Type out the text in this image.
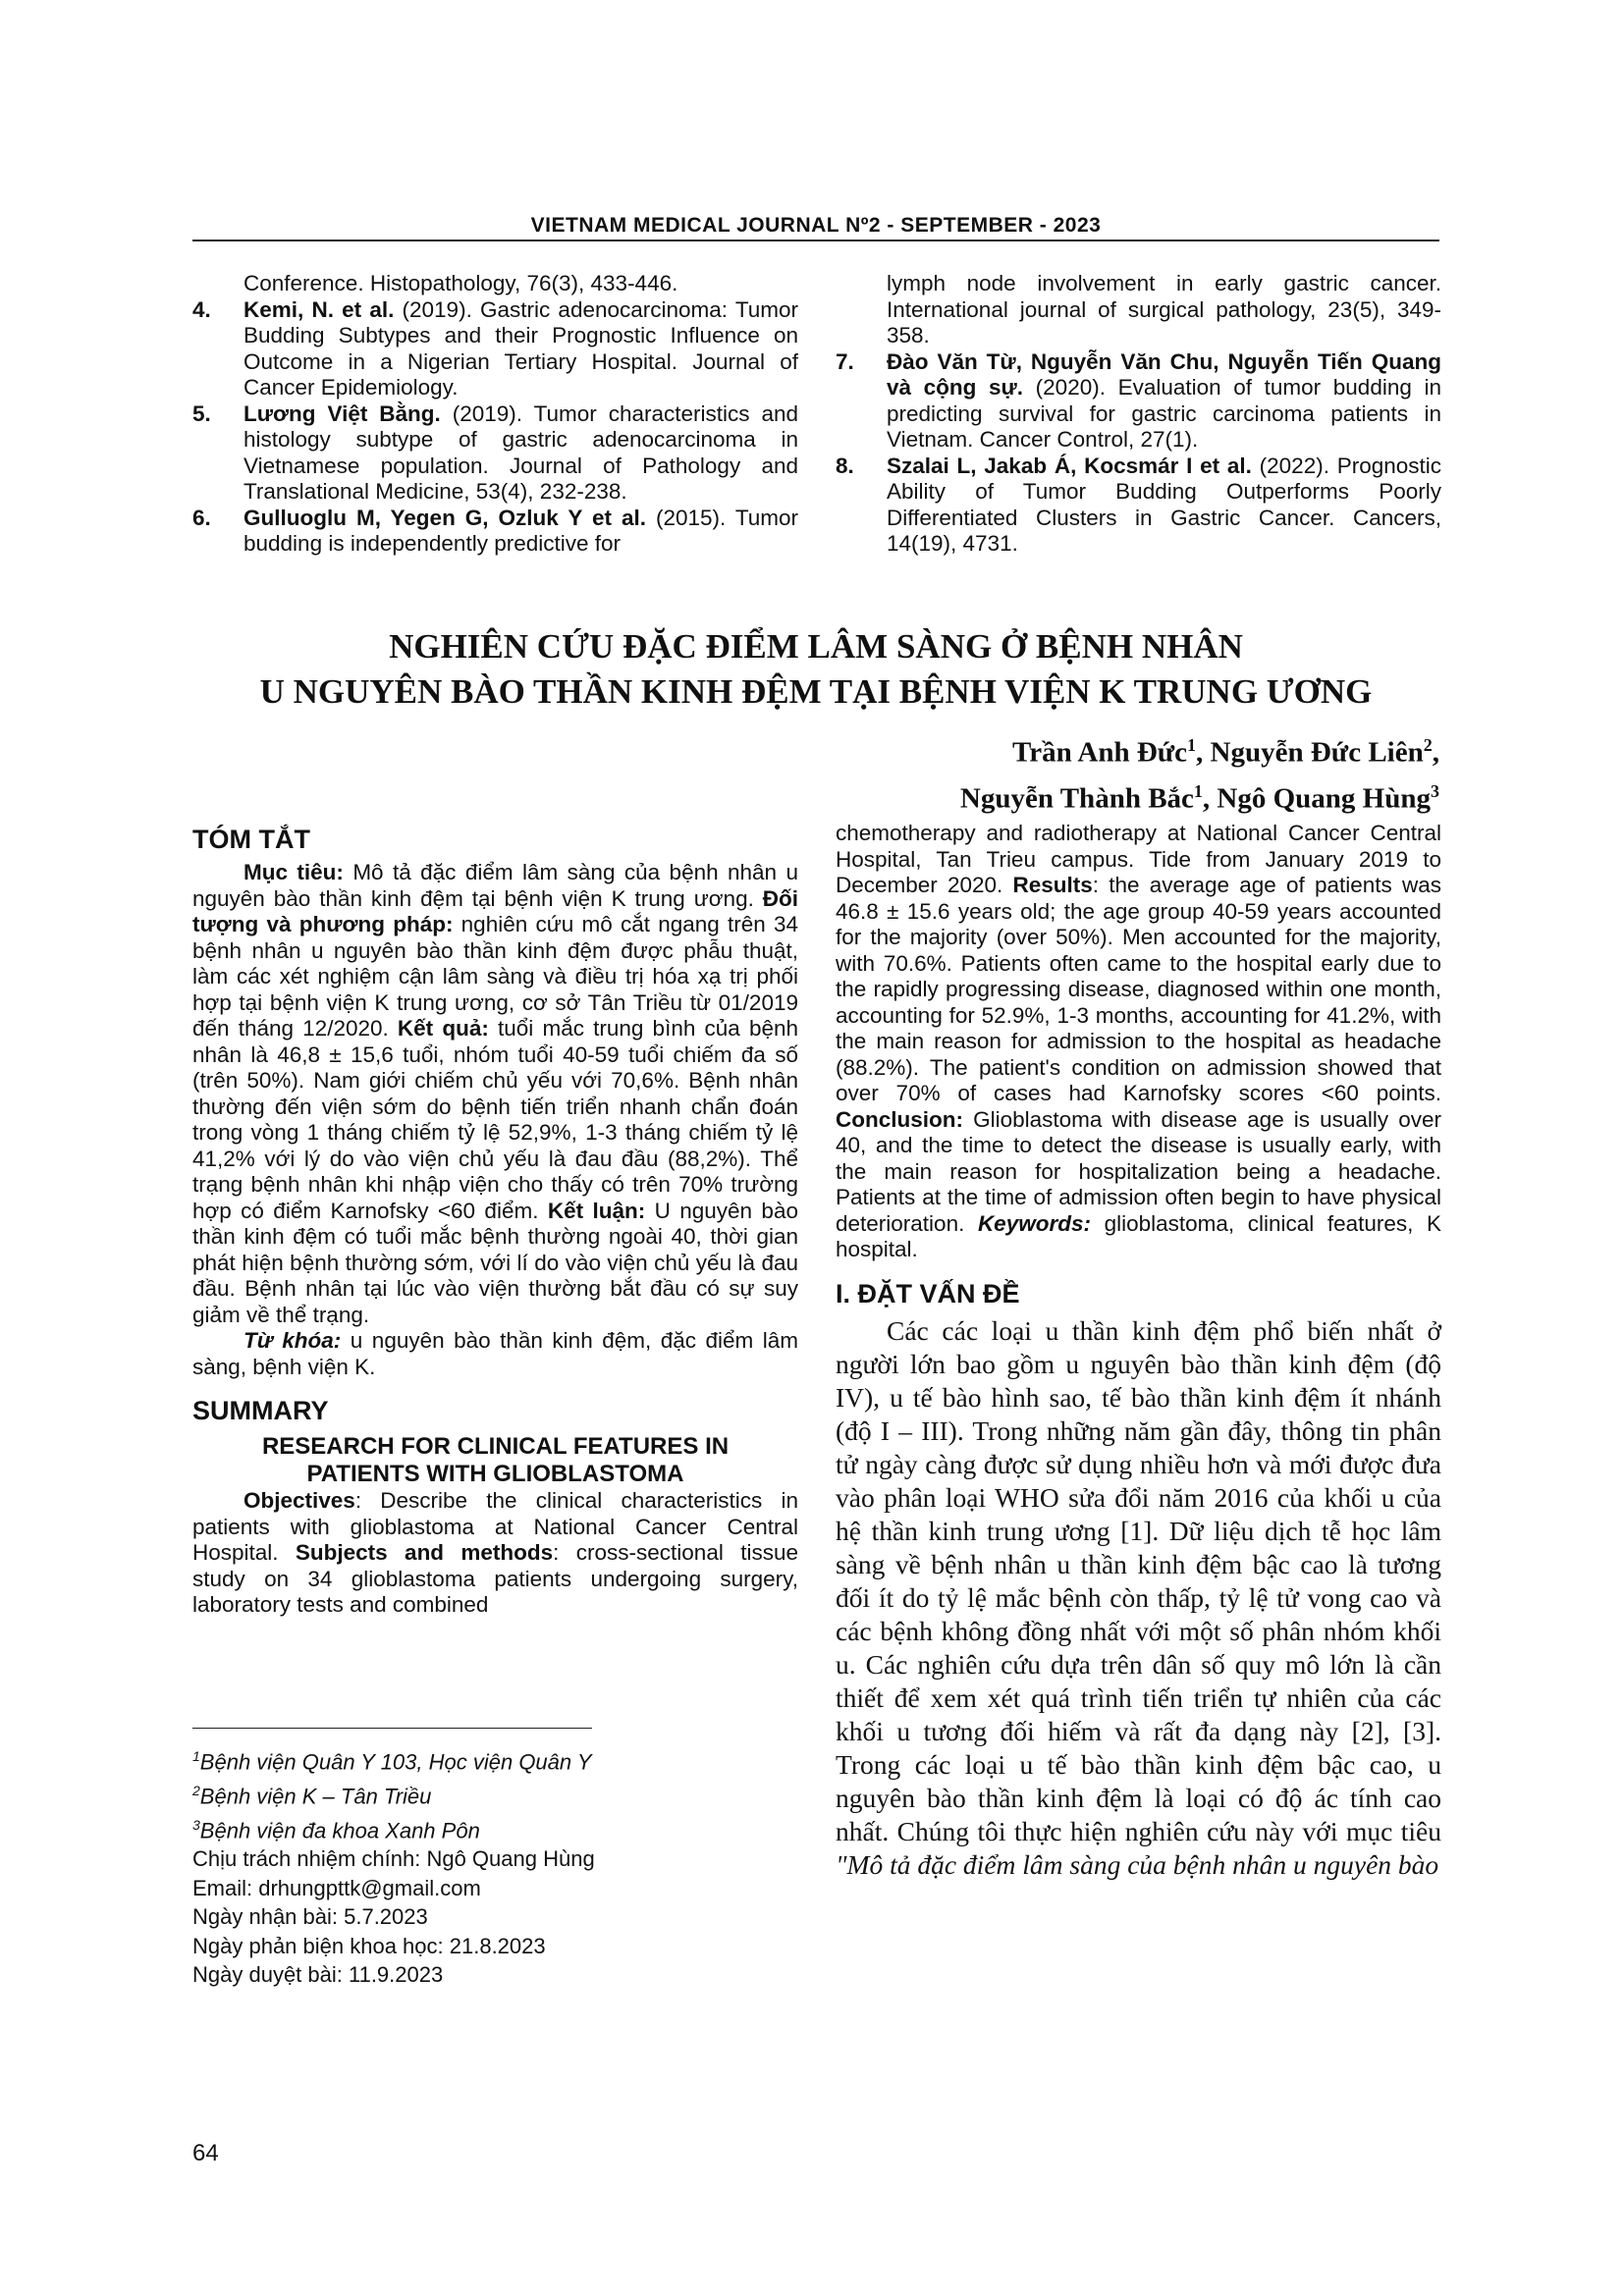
VIETNAM MEDICAL JOURNAL Nº2 - SEPTEMBER - 2023

Conference. Histopathology, 76(3), 433-446.

4. Kemi, N. et al. (2019). Gastric adenocarcinoma: Tumor Budding Subtypes and their Prognostic Influence on Outcome in a Nigerian Tertiary Hospital. Journal of Cancer Epidemiology.

5. Lương Việt Bằng. (2019). Tumor characteristics and histology subtype of gastric adenocarcinoma in Vietnamese population. Journal of Pathology and Translational Medicine, 53(4), 232-238.

6. Gulluoglu M, Yegen G, Ozluk Y et al. (2015). Tumor budding is independently predictive for

lymph node involvement in early gastric cancer. International journal of surgical pathology, 23(5), 349-358.

7. Đào Văn Từ, Nguyễn Văn Chu, Nguyễn Tiến Quang và cộng sự. (2020). Evaluation of tumor budding in predicting survival for gastric carcinoma patients in Vietnam. Cancer Control, 27(1).

8. Szalai L, Jakab Á, Kocsmár I et al. (2022). Prognostic Ability of Tumor Budding Outperforms Poorly Differentiated Clusters in Gastric Cancer. Cancers, 14(19), 4731.

NGHIÊN CỨU ĐẶC ĐIỂM LÂM SÀNG Ở BỆNH NHÂN
U NGUYÊN BÀO THẦN KINH ĐỆM TẠI BỆNH VIỆN K TRUNG ƯƠNG
Trần Anh Đức$^1$, Nguyễn Đức Liên$^2$,
Nguyễn Thành Bắc$^1$, Ngô Quang Hùng$^3$

TÓM TẮT

Mục tiêu: Mô tả đặc điểm lâm sàng của bệnh nhân u nguyên bào thần kinh đệm tại bệnh viện K trung ương. Đối tượng và phương pháp: nghiên cứu mô cắt ngang trên 34 bệnh nhân u nguyên bào thần kinh đệm được phẫu thuật, làm các xét nghiệm cận lâm sàng và điều trị hóa xạ trị phối hợp tại bệnh viện K trung ương, cơ sở Tân Triều từ 01/2019 đến tháng 12/2020. Kết quả: tuổi mắc trung bình của bệnh nhân là 46,8 ± 15,6 tuổi, nhóm tuổi 40-59 tuổi chiếm đa số (trên 50%). Nam giới chiếm chủ yếu với 70,6%. Bệnh nhân thường đến viện sớm do bệnh tiến triển nhanh chẩn đoán trong vòng 1 tháng chiếm tỷ lệ 52,9%, 1-3 tháng chiếm tỷ lệ 41,2% với lý do vào viện chủ yếu là đau đầu (88,2%). Thể trạng bệnh nhân khi nhập viện cho thấy có trên 70% trường hợp có điểm Karnofsky <60 điểm. Kết luận: U nguyên bào thần kinh đệm có tuổi mắc bệnh thường ngoài 40, thời gian phát hiện bệnh thường sớm, với lí do vào viện chủ yếu là đau đầu. Bệnh nhân tại lúc vào viện thường bắt đầu có sự suy giảm về thể trạng.

Từ khóa: u nguyên bào thần kinh đệm, đặc điểm lâm sàng, bệnh viện K.

SUMMARY

RESEARCH FOR CLINICAL FEATURES IN

PATIENTS WITH GLIOBLASTOMA

Objectives: Describe the clinical characteristics in patients with glioblastoma at National Cancer Central Hospital. Subjects and methods: cross-sectional tissue study on 34 glioblastoma patients undergoing surgery, laboratory tests and combined

$^1$Bệnh viện Quân Y 103, Học viện Quân Y
$^2$Bệnh viện K – Tân Triều
$^3$Bệnh viện đa khoa Xanh Pôn
Chịu trách nhiệm chính: Ngô Quang Hùng
Email: drhungpttk@gmail.com
Ngày nhận bài: 5.7.2023
Ngày phản biện khoa học: 21.8.2023
Ngày duyệt bài: 11.9.2023

chemotherapy and radiotherapy at National Cancer Central Hospital, Tan Trieu campus. Tide from January 2019 to December 2020. Results: the average age of patients was 46.8 ± 15.6 years old; the age group 40-59 years accounted for the majority (over 50%). Men accounted for the majority, with 70.6%. Patients often came to the hospital early due to the rapidly progressing disease, diagnosed within one month, accounting for 52.9%, 1-3 months, accounting for 41.2%, with the main reason for admission to the hospital as headache (88.2%). The patient's condition on admission showed that over 70% of cases had Karnofsky scores <60 points. Conclusion: Glioblastoma with disease age is usually over 40, and the time to detect the disease is usually early, with the main reason for hospitalization being a headache. Patients at the time of admission often begin to have physical deterioration. Keywords: glioblastoma, clinical features, K hospital.

I. ĐẶT VẤN ĐỀ

Các các loại u thần kinh đệm phổ biến nhất ở người lớn bao gồm u nguyên bào thần kinh đệm (độ IV), u tế bào hình sao, tế bào thần kinh đệm ít nhánh (độ I – III). Trong những năm gần đây, thông tin phân tử ngày càng được sử dụng nhiều hơn và mới được đưa vào phân loại WHO sửa đổi năm 2016 của khối u của hệ thần kinh trung ương [1]. Dữ liệu dịch tễ học lâm sàng về bệnh nhân u thần kinh đệm bậc cao là tương đối ít do tỷ lệ mắc bệnh còn thấp, tỷ lệ tử vong cao và các bệnh không đồng nhất với một số phân nhóm khối u. Các nghiên cứu dựa trên dân số quy mô lớn là cần thiết để xem xét quá trình tiến triển tự nhiên của các khối u tương đối hiếm và rất đa dạng này [2], [3]. Trong các loại u tế bào thần kinh đệm bậc cao, u nguyên bào thần kinh đệm là loại có độ ác tính cao nhất. Chúng tôi thực hiện nghiên cứu này với mục tiêu "Mô tả đặc điểm lâm sàng của bệnh nhân u nguyên bào

64
